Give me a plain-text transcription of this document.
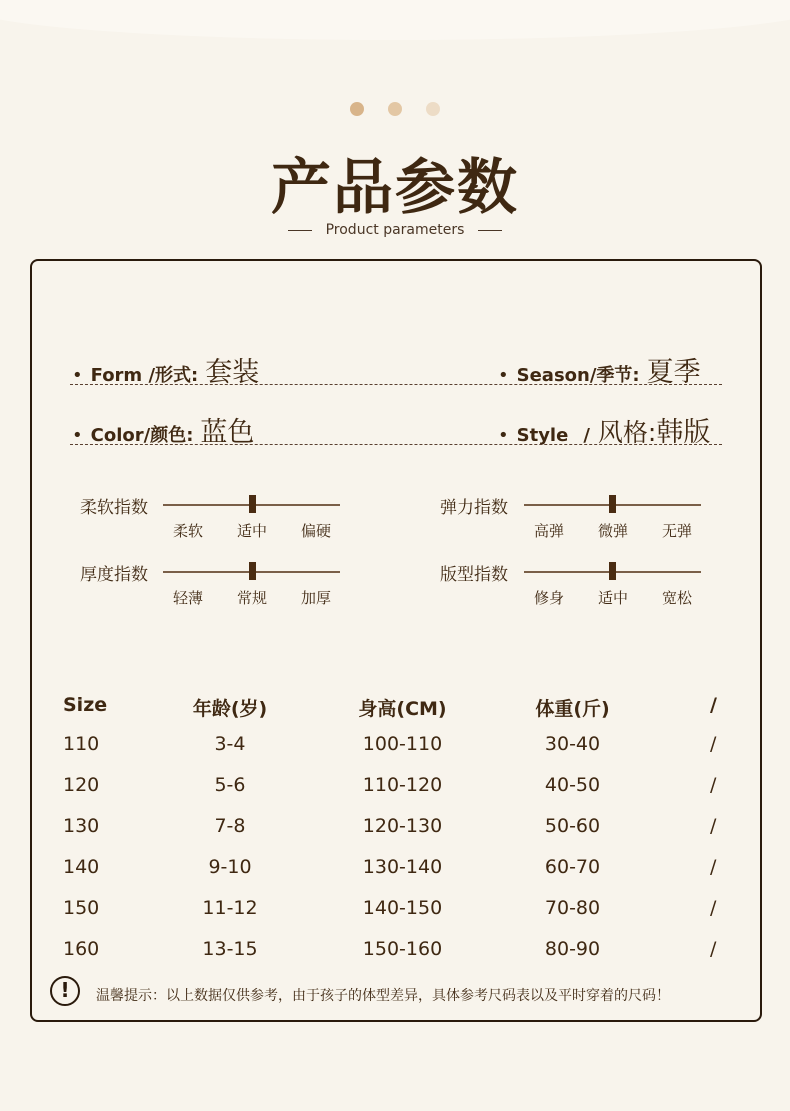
产品参数
Product parameters
• Form /形式: 套装	• Season/季节: 夏季
• Color/颜色: 蓝色	• Style / 风格:韩版
柔软指数
柔软	适中	偏硬
弹力指数
高弹	微弹	无弹
厚度指数
轻薄	常规	加厚
版型指数
修身	适中	宽松
Size	年龄(岁)	身高(CM)	体重(斤)	/
110	3-4	100-110	30-40	/
120	5-6	110-120	40-50	/
130	7-8	120-130	50-60	/
140	9-10	130-140	60-70	/
150	11-12	140-150	70-80	/
160	13-15	150-160	80-90	/
!	温馨提示：以上数据仅供参考，由于孩子的体型差异，具体参考尺码表以及平时穿着的尺码！
